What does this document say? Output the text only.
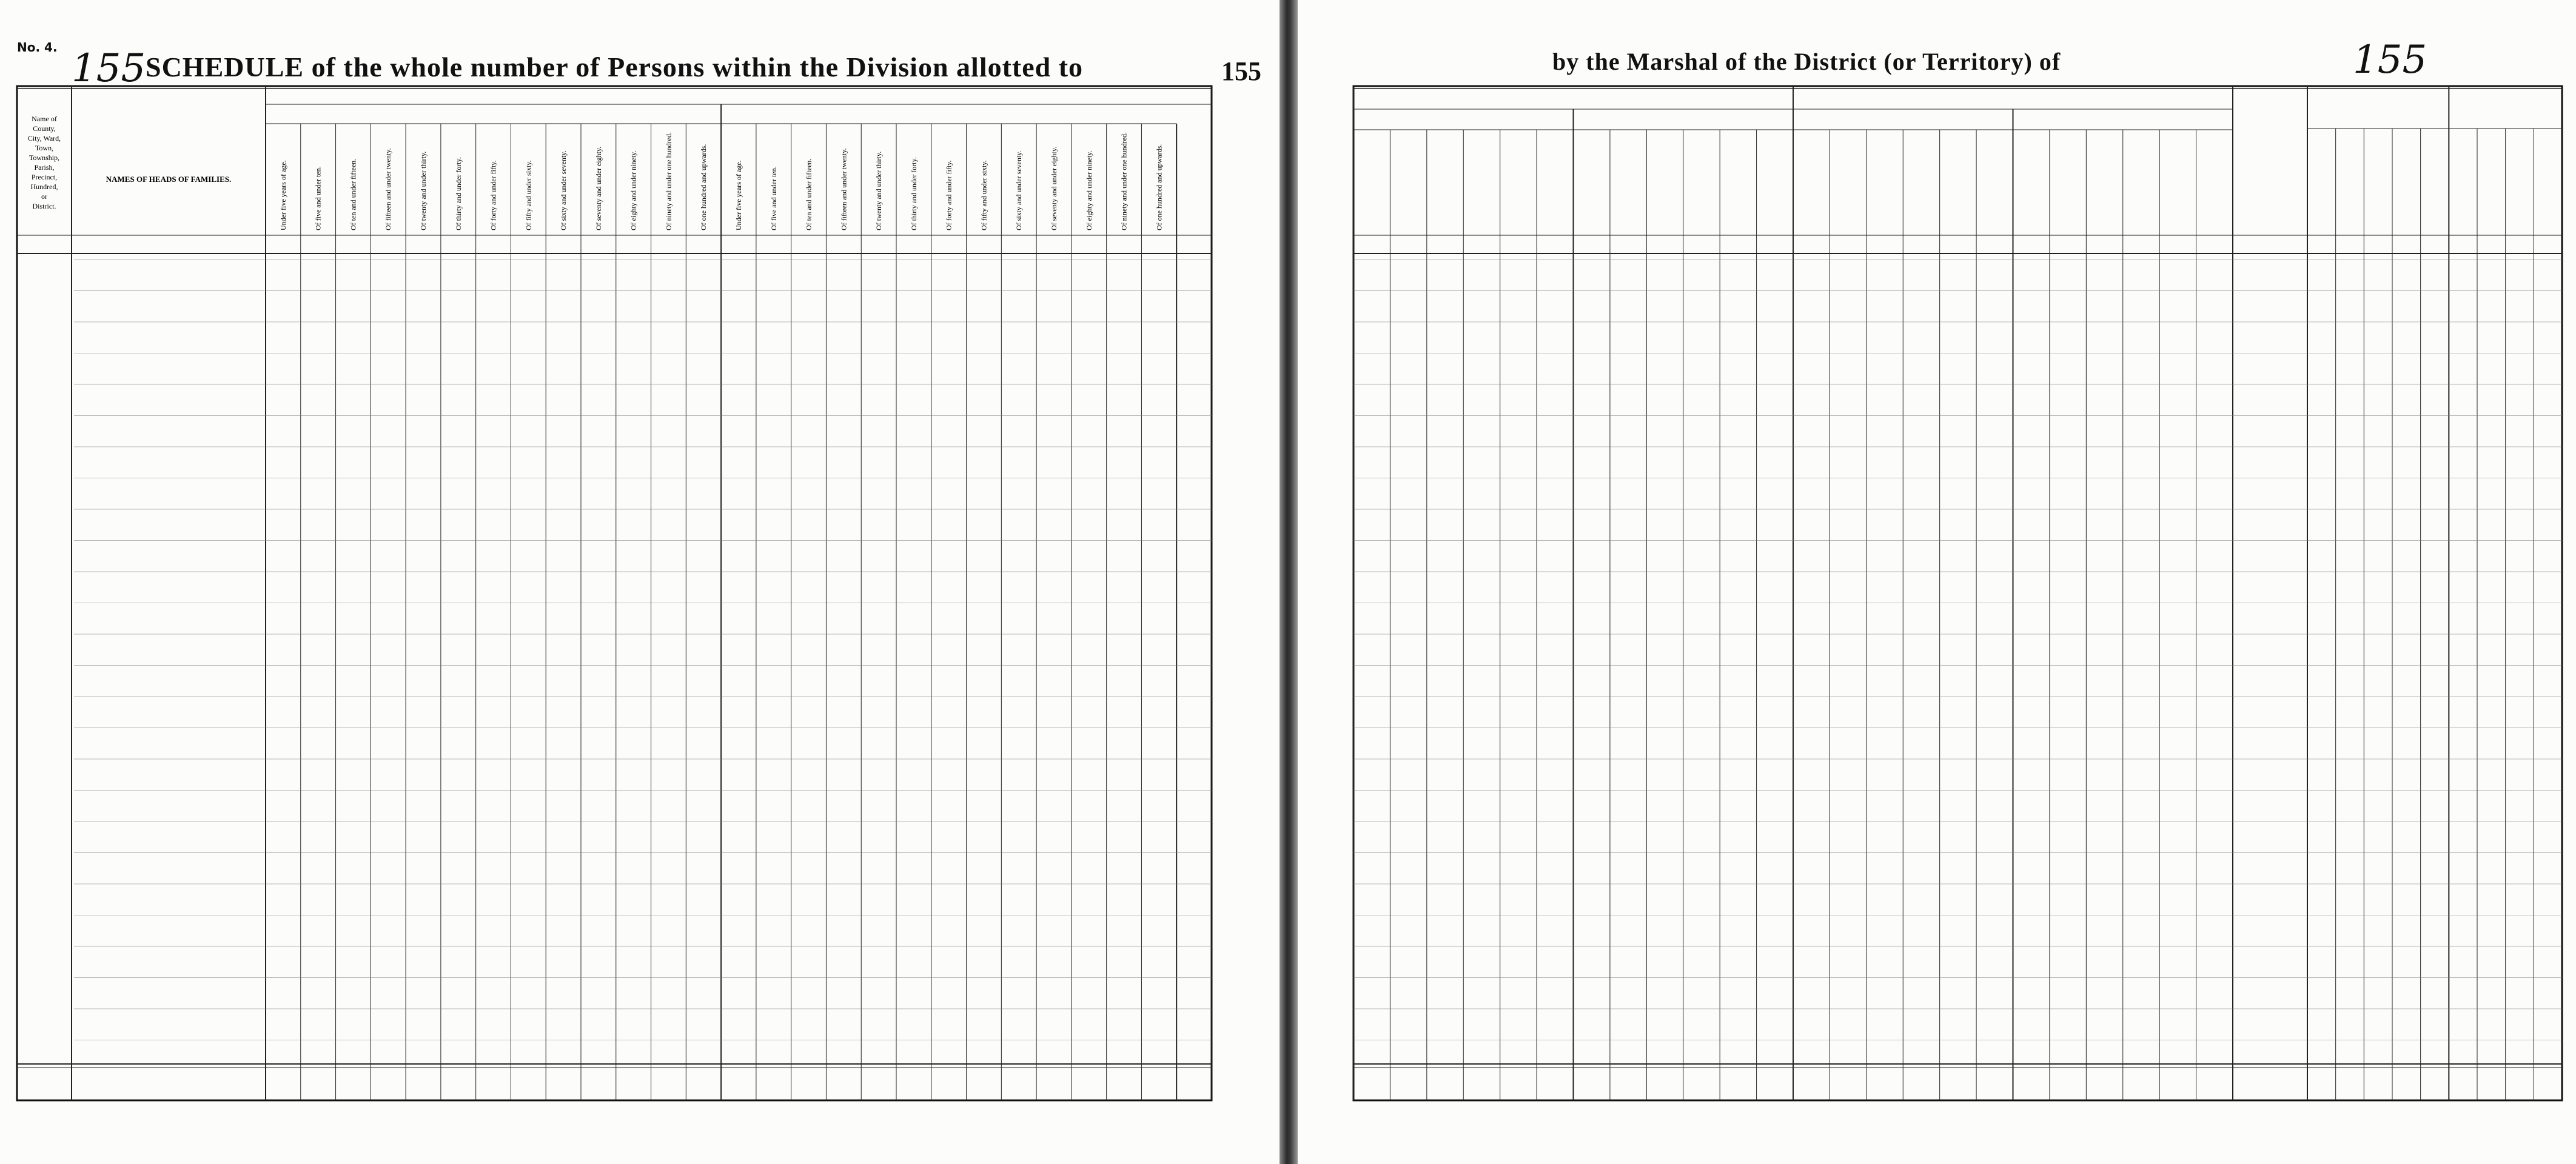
No. 4. 155 SCHEDULE of the whole number of Persons within the Division allotted to	155
Name of
County,
City, Ward,
Town,
Township,
Parish,
Precinct,
Hundred,
or
District.
NAMES OF HEADS OF FAMILIES.	Under five years of age.	Of five and under ten.	Of ten and under fifteen.	Of fifteen and under twenty.	Of twenty and under thirty.	Of thirty and under forty.	Of forty and under fifty.	Of fifty and under sixty.	Of sixty and under seventy.	Of seventy and under eighty.	Of eighty and under ninety.	Of ninety and under one hundred.	Of one hundred and upwards.	Under five years of age.	Of five and under ten.	Of ten and under fifteen.	Of fifteen and under twenty.	Of twenty and under thirty.	Of thirty and under forty.	Of forty and under fifty.	Of fifty and under sixty.	Of sixty and under seventy.	Of seventy and under eighty.	Of eighty and under ninety.	Of ninety and under one hundred.	Of one hundred and upwards.
by the Marshal of the District (or Territory) of	155
